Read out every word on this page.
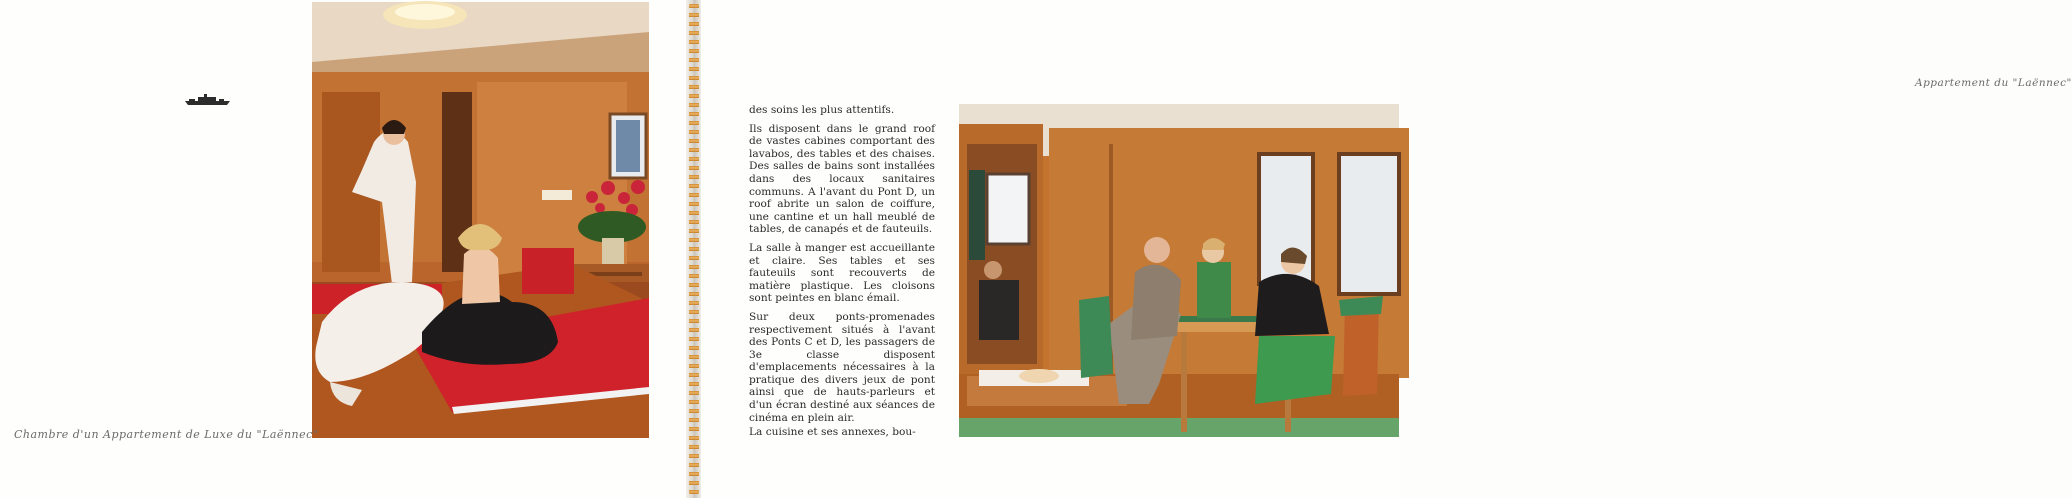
Chambre d'un Appartement de Luxe du "Laënnec"
Appartement du "Laënnec"

des soins les plus attentifs.

Ils disposent dans le grand roof de vastes cabines comportant des lavabos, des tables et des chaises. Des salles de bains sont installées dans des locaux sanitaires communs. A l'avant du Pont D, un roof abrite un salon de coiffure, une cantine et un hall meublé de tables, de canapés et de fauteuils.

La salle à manger est accueillante et claire. Ses tables et ses fauteuils sont recouverts de matière plastique. Les cloisons sont peintes en blanc émail.

Sur deux ponts-promenades respectivement situés à l'avant des Ponts C et D, les passagers de 3e classe disposent d'emplacements nécessaires à la pratique des divers jeux de pont ainsi que de hauts-parleurs et d'un écran destiné aux séances de cinéma en plein air.

La cuisine et ses annexes, bou-
